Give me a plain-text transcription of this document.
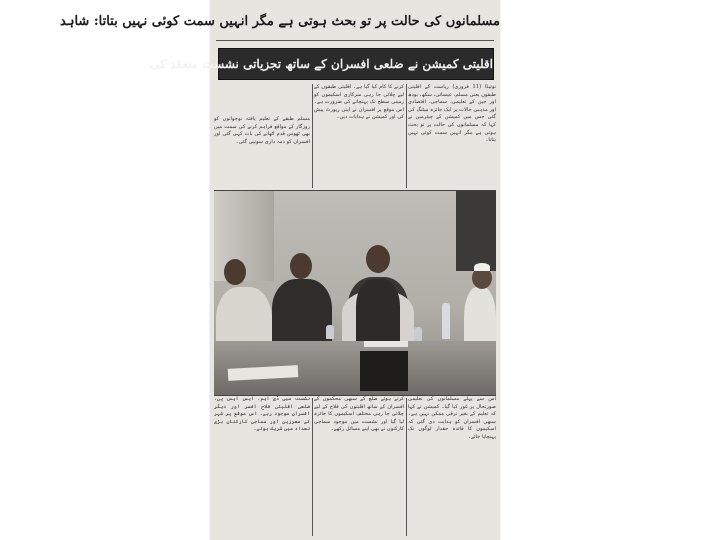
مسلمانوں کی حالت پر تو بحث ہوتی ہے مگر انہیں سمت کوئی نہیں بتاتا: شاہد
اقلیتی کمیشن نے ضلعی افسران کے ساتھ تجزیاتی نشست منعقد کی

نوئیڈا (11 فروری) ریاست کے اقلیتی طبقوں یعنی مسلم، عیسائی، سکھ، بودھ اور جین کے تعلیمی، سماجی، اقتصادی اور مذہبی حالات پر ایک جائزہ میٹنگ کی گئی جس میں کمیشن کے چیئرمین نے کہا کہ مسلمانوں کی حالت پر تو بحث ہوتی ہے مگر انہیں سمت کوئی نہیں بتاتا۔

کرنے کا کام کیا گیا ہے۔ اقلیتی طبقوں کے لیے چلائی جا رہی سرکاری اسکیموں کو زمینی سطح تک پہنچانے کی ضرورت ہے۔ اس موقع پر افسران نے اپنی رپورٹ پیش کی اور کمیشن نے ہدایات دیں۔

مسلم طبقے کے تعلیم یافتہ نوجوانوں کو روزگار کے مواقع فراہم کرنے کی سمت میں بھی ٹھوس قدم اٹھانے کی بات کہی گئی اور افسران کو ذمہ داری سونپی گئی۔

اس سے پہلے مسلمانوں کی تعلیمی صورتحال پر غور کیا گیا۔ کمیشن نے کہا کہ تعلیم کے بغیر ترقی ممکن نہیں ہے۔ سبھی افسران کو ہدایت دی گئی کہ اسکیموں کا فائدہ حقدار لوگوں تک پہنچایا جائے۔

کرتے ہوئے ضلع کے سبھی محکموں کے افسران کے ساتھ اقلیتوں کی فلاح کے لیے چلائی جا رہی مختلف اسکیموں کا جائزہ لیا گیا اور نشست میں موجود سماجی کارکنوں نے بھی اپنے مسائل رکھے۔

نشست میں ڈی ایم، ایس ایس پی، ضلعی اقلیتی فلاح افسر اور دیگر افسران موجود رہے۔ اس موقع پر شہر کے معززین اور سماجی کارکنان بڑی تعداد میں شریک ہوئے۔
